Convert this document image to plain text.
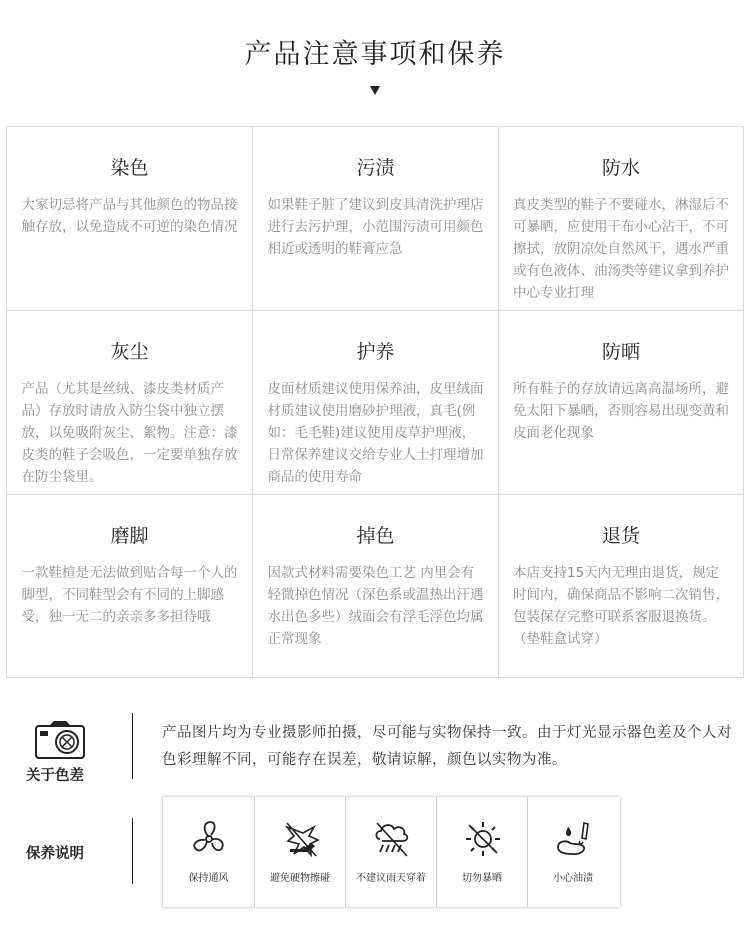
产品注意事项和保养
染色
大家切忌将产品与其他颜色的物品接触存放，以免造成不可逆的染色情况
污渍
如果鞋子脏了建议到皮具清洗护理店进行去污护理，小范围污渍可用颜色相近或透明的鞋膏应急
防水
真皮类型的鞋子不要碰水，淋湿后不可暴晒，应使用干布小心沾干，不可擦拭，放阴凉处自然风干，遇水严重或有色液体、油汤类等建议拿到养护中心专业打理
灰尘
产品（尤其是丝绒、漆皮类材质产品）存放时请放入防尘袋中独立摆放，以免吸附灰尘、絮物。注意：漆皮类的鞋子会吸色，一定要单独存放在防尘袋里。
护养
皮面材质建议使用保养油，皮里绒面材质建议使用磨砂护理液，真毛(例如：毛毛鞋)建议使用皮草护理液，日常保养建议交给专业人士打理增加商品的使用寿命
防晒
所有鞋子的存放请远离高温场所，避免太阳下暴晒，否则容易出现变黄和皮面老化现象
磨脚
一款鞋楦是无法做到贴合每一个人的脚型，不同鞋型会有不同的上脚感受，独一无二的亲亲多多担待哦
掉色
因款式材料需要染色工艺 内里会有轻微掉色情况（深色系或温热出汗遇水出色多些）绒面会有浮毛浮色均属正常现象
退货
本店支持15天内无理由退货，规定时间内，确保商品不影响二次销售，包装保存完整可联系客服退换货。（垫鞋盒试穿）
关于色差
产品图片均为专业摄影师拍摄，尽可能与实物保持一致。由于灯光显示器色差及个人对色彩理解不同，可能存在误差，敬请谅解，颜色以实物为准。
保养说明
保持通风	避免硬物擦碰	不建议雨天穿着	切勿暴晒	小心油渍
